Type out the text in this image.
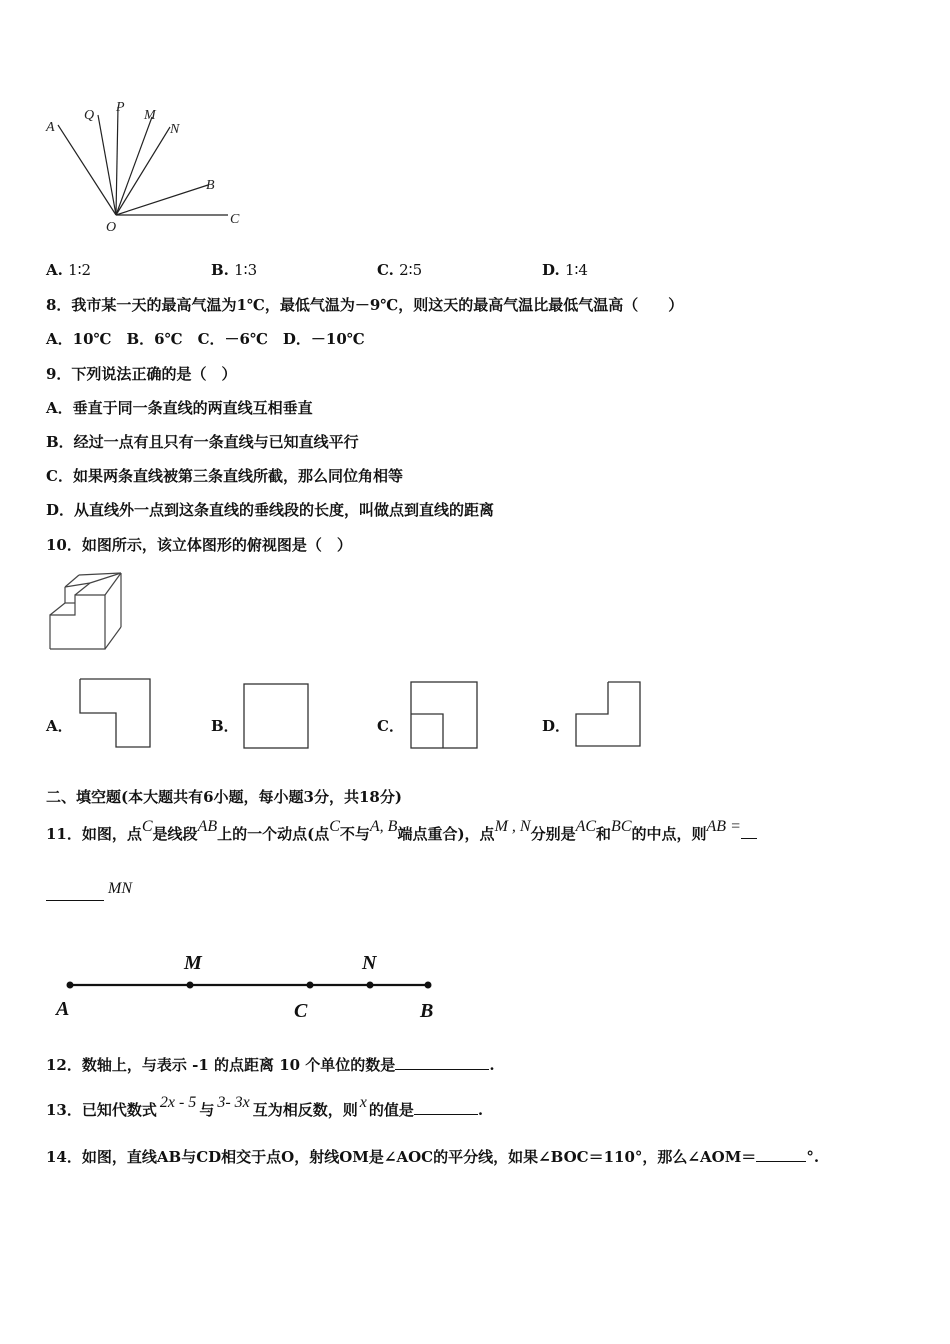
A
Q
P
M
N
B
C
O
A. 1∶2	B. 1∶3	C. 2∶5	D. 1∶4
8．我市某一天的最高气温为1℃，最低气温为－9℃，则这天的最高气温比最低气温高（　　）
A．10℃　B．6℃　C．－6℃　D．－10℃
9．下列说法正确的是（　）
A．垂直于同一条直线的两直线互相垂直
B．经过一点有且只有一条直线与已知直线平行
C．如果两条直线被第三条直线所截，那么同位角相等
D．从直线外一点到这条直线的垂线段的长度，叫做点到直线的距离
10．如图所示，该立体图形的俯视图是（　）
A．	B．	C．	D．
二、填空题(本大题共有6小题，每小题3分，共18分)
11．如图，点C是线段AB上的一个动点(点C不与A, B端点重合)，点M , N分别是AC和BC的中点，则AB =
MN
A
M
C
N
B
12．数轴上，与表示 -1 的点距离 10 个单位的数是	.
13．已知代数式 2x - 5 与 3- 3x 互为相反数，则 x 的值是	.
14．如图，直线AB与CD相交于点O，射线OM是∠AOC的平分线，如果∠BOC＝110°，那么∠AOM＝	°.
